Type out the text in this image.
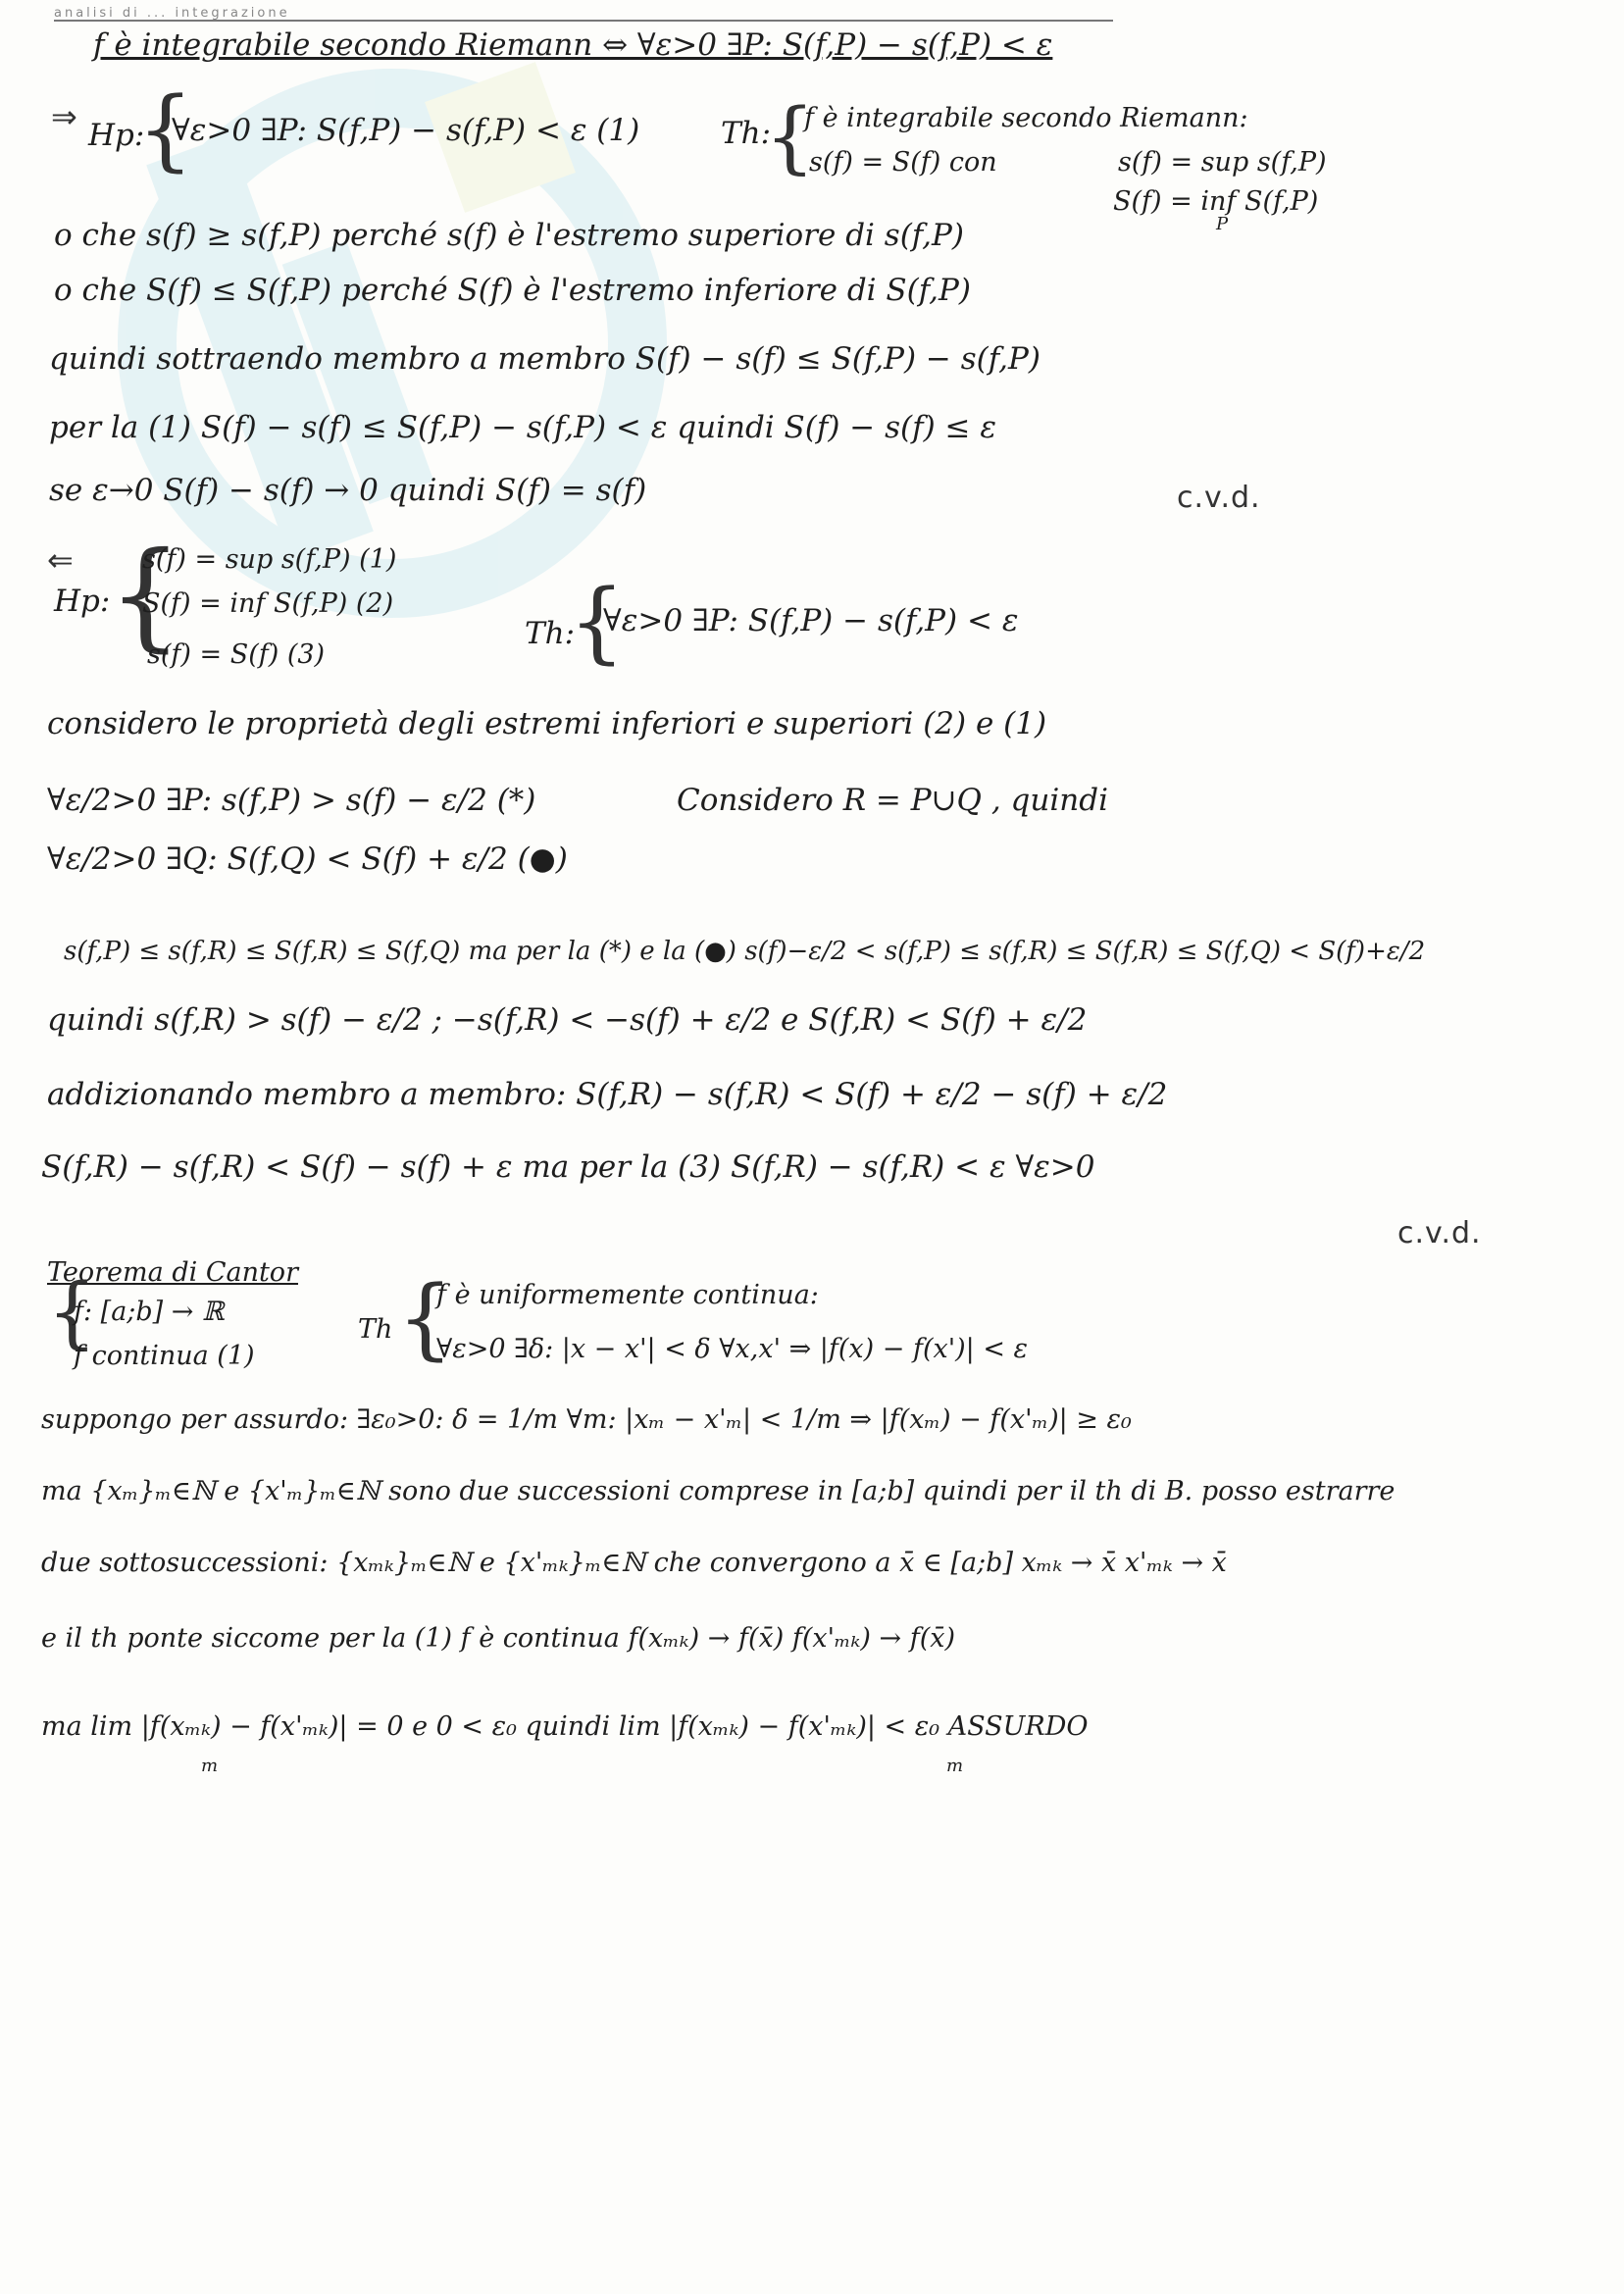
analisi di ... integrazione
f è integrabile secondo Riemann ⇔ ∀ε>0 ∃P: S(f,P) − s(f,P) < ε
⇒ Hp:
{
∀ε>0 ∃P: S(f,P) − s(f,P) < ε (1)	Th:
{
f è integrabile secondo Riemann:
s(f) = S(f) con	s(f) = sup s(f,P)
S(f) = inf S(f,P)
P
o che s(f) ≥ s(f,P) perché s(f) è l'estremo superiore di s(f,P)
o che S(f) ≤ S(f,P) perché S(f) è l'estremo inferiore di S(f,P)
quindi sottraendo membro a membro S(f) − s(f) ≤ S(f,P) − s(f,P)
per la (1) S(f) − s(f) ≤ S(f,P) − s(f,P) < ε quindi S(f) − s(f) ≤ ε
se ε→0 S(f) − s(f) → 0 quindi S(f) = s(f)	c.v.d.
⇐
Hp:
{
s(f) = sup s(f,P) (1)
S(f) = inf S(f,P) (2)
s(f) = S(f) (3)
Th:
{
∀ε>0 ∃P: S(f,P) − s(f,P) < ε
considero le proprietà degli estremi inferiori e superiori (2) e (1)
∀ε/2>0 ∃P: s(f,P) > s(f) − ε/2 (*)	Considero R = P∪Q , quindi
∀ε/2>0 ∃Q: S(f,Q) < S(f) + ε/2 (●)
s(f,P) ≤ s(f,R) ≤ S(f,R) ≤ S(f,Q) ma per la (*) e la (●) s(f)−ε/2 < s(f,P) ≤ s(f,R) ≤ S(f,R) ≤ S(f,Q) < S(f)+ε/2
quindi s(f,R) > s(f) − ε/2 ; −s(f,R) < −s(f) + ε/2 e S(f,R) < S(f) + ε/2
addizionando membro a membro: S(f,R) − s(f,R) < S(f) + ε/2 − s(f) + ε/2
S(f,R) − s(f,R) < S(f) − s(f) + ε ma per la (3) S(f,R) − s(f,R) < ε ∀ε>0
c.v.d.
Teorema di Cantor
{
f: [a;b] → ℝ
f continua (1)
Th {
f è uniformemente continua:
∀ε>0 ∃δ: |x − x'| < δ ∀x,x' ⇒ |f(x) − f(x')| < ε
suppongo per assurdo: ∃ε₀>0: δ = 1/m ∀m: |xₘ − x'ₘ| < 1/m ⇒ |f(xₘ) − f(x'ₘ)| ≥ ε₀
ma {xₘ}ₘ∈ℕ e {x'ₘ}ₘ∈ℕ sono due successioni comprese in [a;b] quindi per il th di B. posso estrarre
due sottosuccessioni: {xₘₖ}ₘ∈ℕ e {x'ₘₖ}ₘ∈ℕ che convergono a x̄ ∈ [a;b] xₘₖ → x̄ x'ₘₖ → x̄
e il th ponte siccome per la (1) f è continua f(xₘₖ) → f(x̄) f(x'ₘₖ) → f(x̄)
ma lim |f(xₘₖ) − f(x'ₘₖ)| = 0 e 0 < ε₀ quindi lim |f(xₘₖ) − f(x'ₘₖ)| < ε₀ ASSURDO
m	m
